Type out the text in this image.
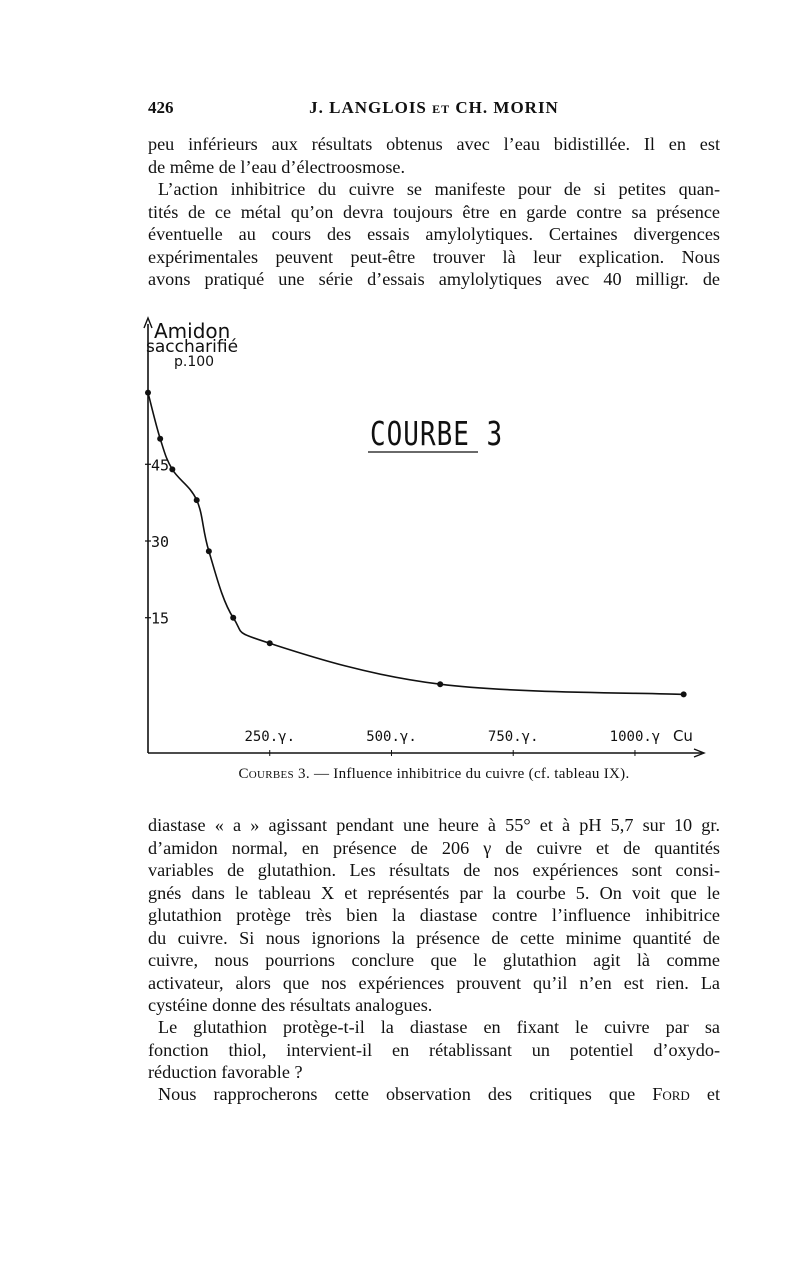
426	J. LANGLOIS et CH. MORIN
peu inférieurs aux résultats obtenus avec l’eau bidistillée. Il en est
de même de l’eau d’électroosmose.
L’action inhibitrice du cuivre se manifeste pour de si petites quan-
tités de ce métal qu’on devra toujours être en garde contre sa présence
éventuelle au cours des essais amylolytiques. Certaines divergences
expérimentales peuvent peut-être trouver là leur explication. Nous
avons pratiqué une série d’essais amylolytiques avec 40 milligr. de
Amidon
saccharifié
p.100
45
30
15
250.γ.	500.γ.	750.γ.	1000.γ Cu
COURBE 3
Courbes 3. — Influence inhibitrice du cuivre (cf. tableau IX).
diastase « a » agissant pendant une heure à 55° et à pH 5,7 sur 10 gr.
d’amidon normal, en présence de 206 γ de cuivre et de quantités
variables de glutathion. Les résultats de nos expériences sont consi-
gnés dans le tableau X et représentés par la courbe 5. On voit que le
glutathion protège très bien la diastase contre l’influence inhibitrice
du cuivre. Si nous ignorions la présence de cette minime quantité de
cuivre, nous pourrions conclure que le glutathion agit là comme
activateur, alors que nos expériences prouvent qu’il n’en est rien. La
cystéine donne des résultats analogues.
Le glutathion protège-t-il la diastase en fixant le cuivre par sa
fonction thiol, intervient-il en rétablissant un potentiel d’oxydo-
réduction favorable ?
Nous rapprocherons cette observation des critiques que Ford et
